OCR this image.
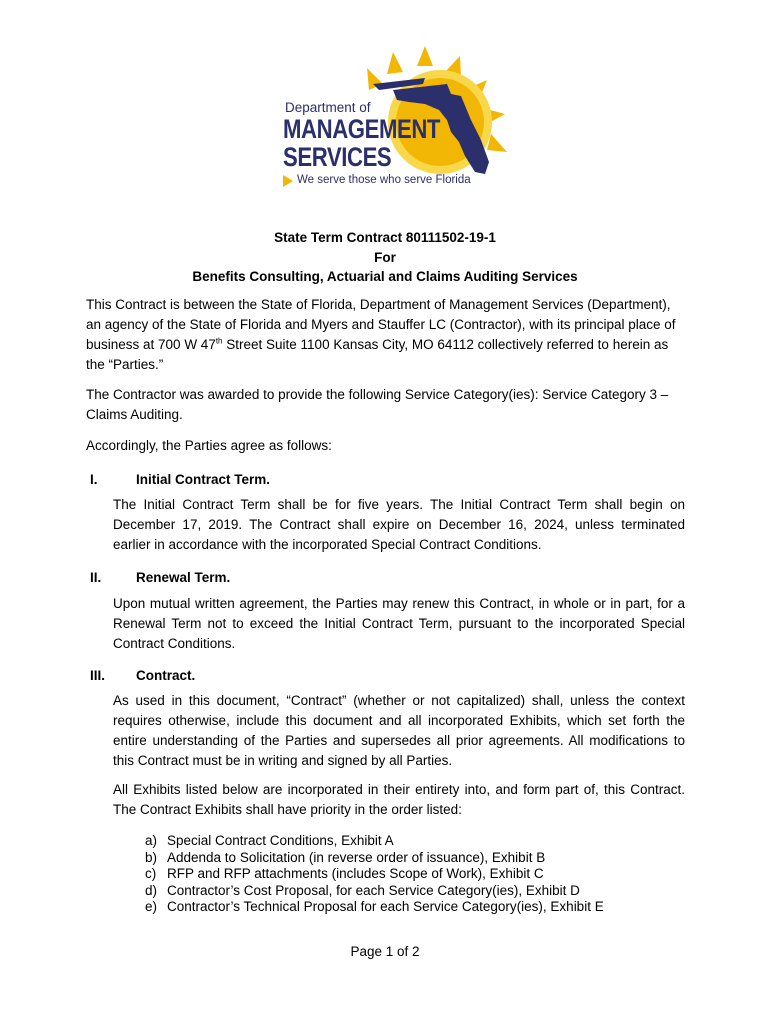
Department of
MANAGEMENT
SERVICES
We serve those who serve Florida
State Term Contract 80111502-19-1
For
Benefits Consulting, Actuarial and Claims Auditing Services
This Contract is between the State of Florida, Department of Management Services (Department), an agency of the State of Florida and Myers and Stauffer LC (Contractor), with its principal place of business at 700 W 47th Street Suite 1100 Kansas City, MO 64112 collectively referred to herein as the “Parties.”
The Contractor was awarded to provide the following Service Category(ies): Service Category 3 – Claims Auditing.
Accordingly, the Parties agree as follows:
I.	Initial Contract Term.
The Initial Contract Term shall be for five years. The Initial Contract Term shall begin on December 17, 2019. The Contract shall expire on December 16, 2024, unless terminated earlier in accordance with the incorporated Special Contract Conditions.
II.	Renewal Term.
Upon mutual written agreement, the Parties may renew this Contract, in whole or in part, for a Renewal Term not to exceed the Initial Contract Term, pursuant to the incorporated Special Contract Conditions.
III. Contract.
As used in this document, “Contract” (whether or not capitalized) shall, unless the context requires otherwise, include this document and all incorporated Exhibits, which set forth the entire understanding of the Parties and supersedes all prior agreements. All modifications to this Contract must be in writing and signed by all Parties.
All Exhibits listed below are incorporated in their entirety into, and form part of, this Contract. The Contract Exhibits shall have priority in the order listed:
a) Special Contract Conditions, Exhibit A
b) Addenda to Solicitation (in reverse order of issuance), Exhibit B
c) RFP and RFP attachments (includes Scope of Work), Exhibit C
d) Contractor’s Cost Proposal, for each Service Category(ies), Exhibit D
e) Contractor’s Technical Proposal for each Service Category(ies), Exhibit E
Page 1 of 2
